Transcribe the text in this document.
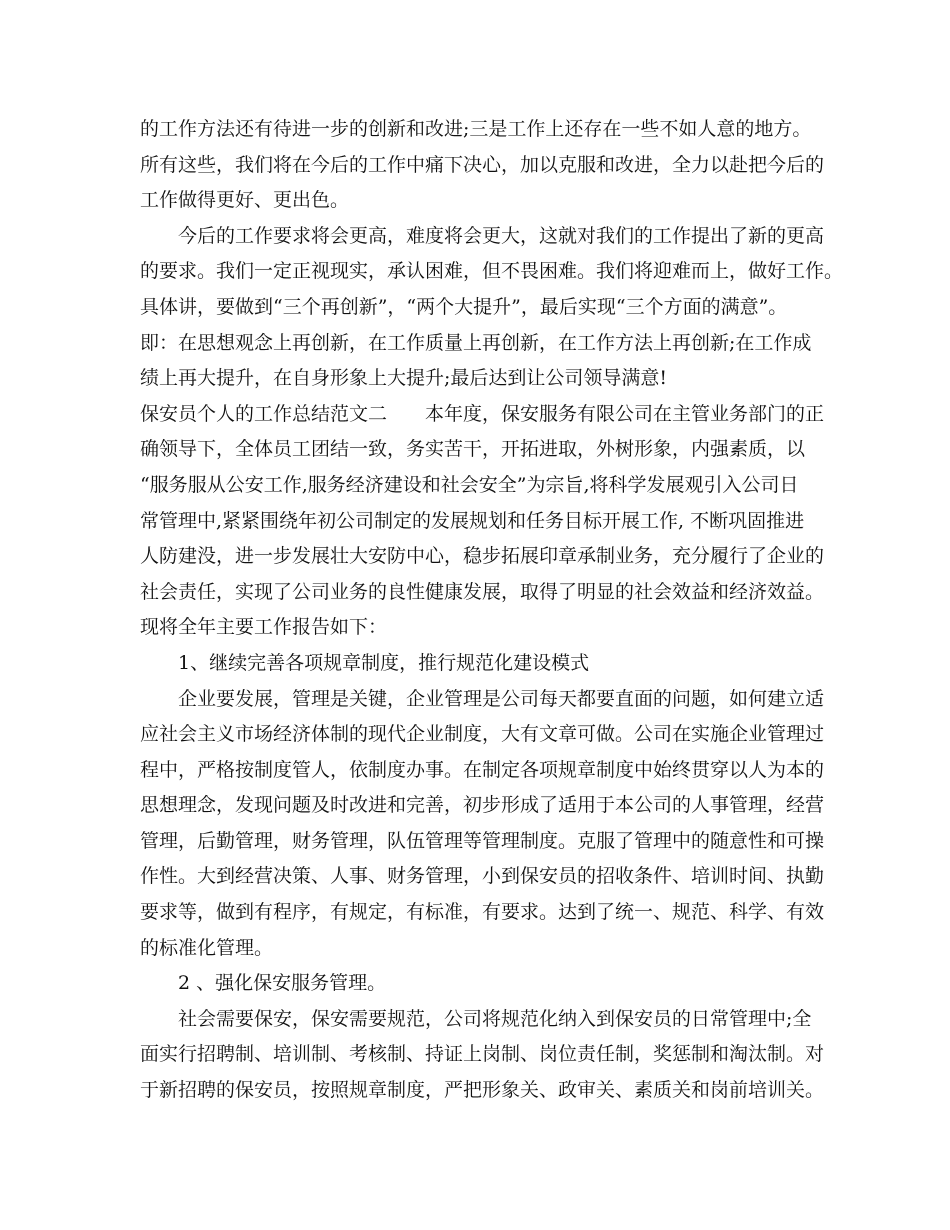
的工作方法还有待进一步的创新和改进;三是工作上还存在一些不如人意的地方。
所有这些，我们将在今后的工作中痛下决心，加以克服和改进，全力以赴把今后的
工作做得更好、更出色。
今后的工作要求将会更高，难度将会更大，这就对我们的工作提出了新的更高
的要求。我们一定正视现实，承认困难，但不畏困难。我们将迎难而上，做好工作。
具体讲，要做到“三个再创新”，“两个大提升”，最后实现“三个方面的满意”。
即：在思想观念上再创新，在工作质量上再创新，在工作方法上再创新;在工作成
绩上再大提升，在自身形象上大提升;最后达到让公司领导满意!
保安员个人的工作总结范文二　　本年度，保安服务有限公司在主管业务部门的正
确领导下，全体员工团结一致，务实苦干，开拓进取，外树形象，内强素质，以
“服务服从公安工作,服务经济建设和社会安全”为宗旨,将科学发展观引入公司日
常管理中,紧紧围绕年初公司制定的发展规划和任务目标开展工作, 不断巩固推进
人防建没，进一步发展壮大安防中心，稳步拓展印章承制业务，充分履行了企业的
社会责任，实现了公司业务的良性健康发展，取得了明显的社会效益和经济效益。
现将全年主要工作报告如下：
1、继续完善各项规章制度，推行规范化建设模式
企业要发展，管理是关键，企业管理是公司每天都要直面的问题，如何建立适
应社会主义市场经济体制的现代企业制度，大有文章可做。公司在实施企业管理过
程中，严格按制度管人，依制度办事。在制定各项规章制度中始终贯穿以人为本的
思想理念，发现问题及时改进和完善，初步形成了适用于本公司的人事管理，经营
管理，后勤管理，财务管理，队伍管理等管理制度。克服了管理中的随意性和可操
作性。大到经营决策、人事、财务管理，小到保安员的招收条件、培训时间、执勤
要求等，做到有程序，有规定，有标准，有要求。达到了统一、规范、科学、有效
的标准化管理。
2 、强化保安服务管理。
社会需要保安，保安需要规范，公司将规范化纳入到保安员的日常管理中;全
面实行招聘制、培训制、考核制、持证上岗制、岗位责任制，奖惩制和淘汰制。对
于新招聘的保安员，按照规章制度，严把形象关、政审关、素质关和岗前培训关。
